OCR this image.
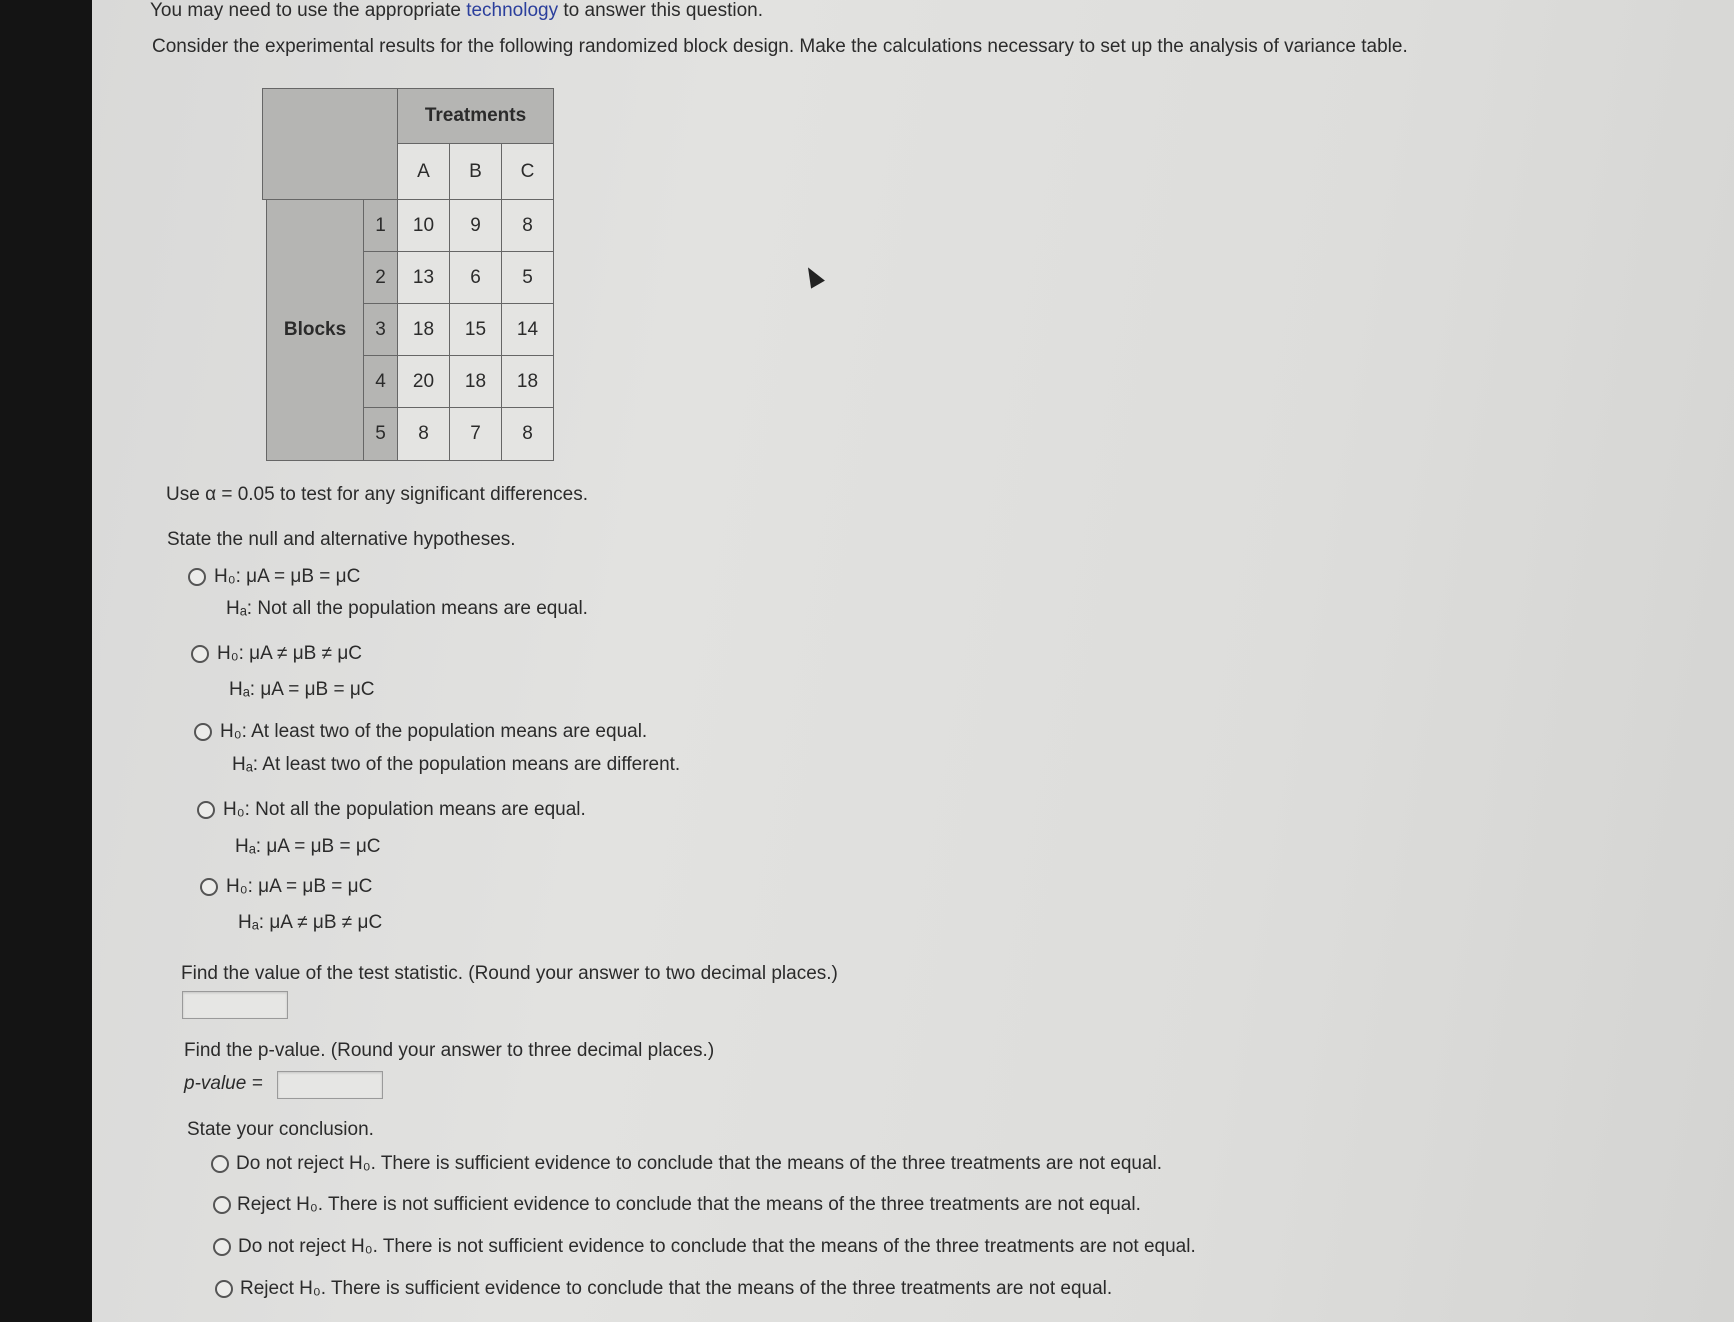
You may need to use the appropriate technology to answer this question.
Consider the experimental results for the following randomized block design. Make the calculations necessary to set up the analysis of variance table.
Treatments
A	B	C
Blocks
1	10	9	8
2	13	6	5
3	18	15	14
4	20	18	18
5	8	7	8
Use α = 0.05 to test for any significant differences.
State the null and alternative hypotheses.
H₀: μA = μB = μC
Hₐ: Not all the population means are equal.
H₀: μA ≠ μB ≠ μC
Hₐ: μA = μB = μC
H₀: At least two of the population means are equal.
Hₐ: At least two of the population means are different.
H₀: Not all the population means are equal.
Hₐ: μA = μB = μC
H₀: μA = μB = μC
Hₐ: μA ≠ μB ≠ μC
Find the value of the test statistic. (Round your answer to two decimal places.)
Find the p-value. (Round your answer to three decimal places.)
p-value =
State your conclusion.
Do not reject H₀. There is sufficient evidence to conclude that the means of the three treatments are not equal.
Reject H₀. There is not sufficient evidence to conclude that the means of the three treatments are not equal.
Do not reject H₀. There is not sufficient evidence to conclude that the means of the three treatments are not equal.
Reject H₀. There is sufficient evidence to conclude that the means of the three treatments are not equal.
